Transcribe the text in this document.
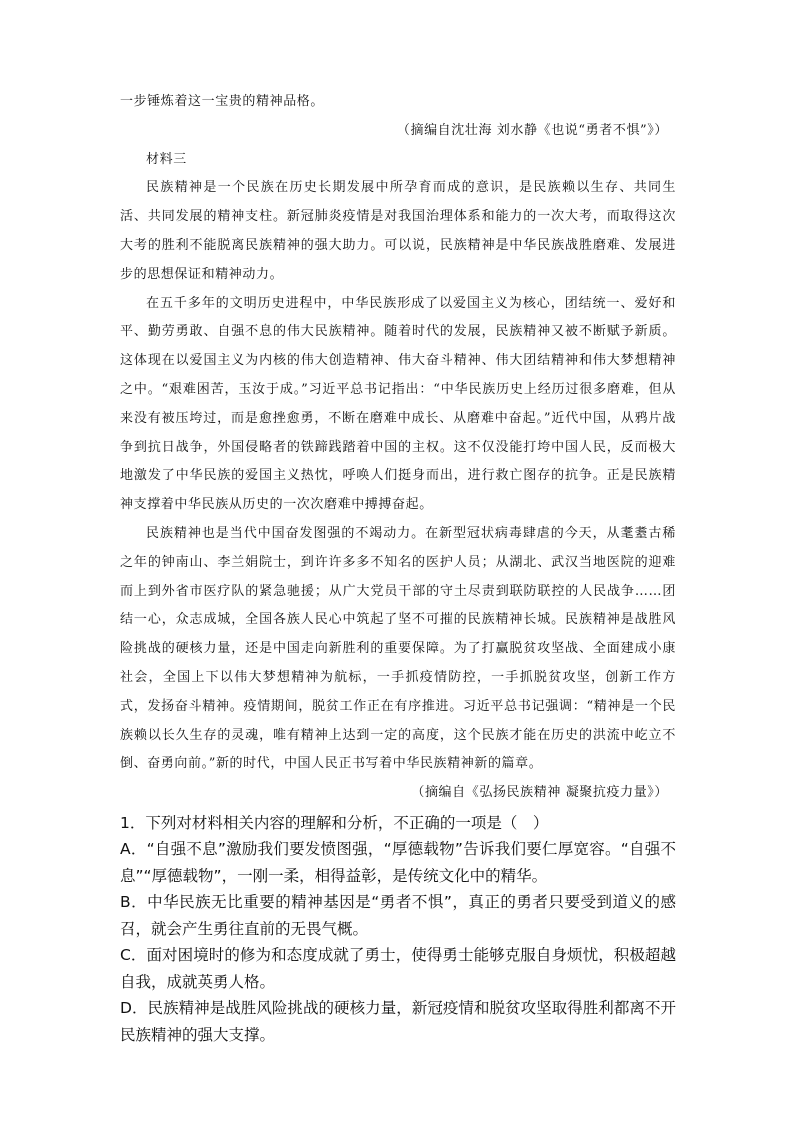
一步锤炼着这一宝贵的精神品格。

（摘编自沈壮海 刘水静《也说“勇者不惧”》）

材料三

民族精神是一个民族在历史长期发展中所孕育而成的意识，是民族赖以生存、共同生活、共同发展的精神支柱。新冠肺炎疫情是对我国治理体系和能力的一次大考，而取得这次大考的胜利不能脱离民族精神的强大助力。可以说，民族精神是中华民族战胜磨难、发展进步的思想保证和精神动力。

在五千多年的文明历史进程中，中华民族形成了以爱国主义为核心，团结统一、爱好和平、勤劳勇敢、自强不息的伟大民族精神。随着时代的发展，民族精神又被不断赋予新质。这体现在以爱国主义为内核的伟大创造精神、伟大奋斗精神、伟大团结精神和伟大梦想精神之中。“艰难困苦，玉汝于成。”习近平总书记指出：“中华民族历史上经历过很多磨难，但从来没有被压垮过，而是愈挫愈勇，不断在磨难中成长、从磨难中奋起。”近代中国，从鸦片战争到抗日战争，外国侵略者的铁蹄践踏着中国的主权。这不仅没能打垮中国人民，反而极大地激发了中华民族的爱国主义热忱，呼唤人们挺身而出，进行救亡图存的抗争。正是民族精神支撑着中华民族从历史的一次次磨难中搏搏奋起。

民族精神也是当代中国奋发图强的不竭动力。在新型冠状病毒肆虐的今天，从耄耋古稀之年的钟南山、李兰娟院士，到许许多多不知名的医护人员；从湖北、武汉当地医院的迎难而上到外省市医疗队的紧急驰援；从广大党员干部的守土尽责到联防联控的人民战争……团结一心，众志成城，全国各族人民心中筑起了坚不可摧的民族精神长城。民族精神是战胜风险挑战的硬核力量，还是中国走向新胜利的重要保障。为了打赢脱贫攻坚战、全面建成小康社会，全国上下以伟大梦想精神为航标，一手抓疫情防控，一手抓脱贫攻坚，创新工作方式，发扬奋斗精神。疫情期间，脱贫工作正在有序推进。习近平总书记强调：“精神是一个民族赖以长久生存的灵魂，唯有精神上达到一定的高度，这个民族才能在历史的洪流中屹立不倒、奋勇向前。”新的时代，中国人民正书写着中华民族精神新的篇章。

（摘编自《弘扬民族精神 凝聚抗疫力量》）

1．下列对材料相关内容的理解和分析，不正确的一项是（　）

A．“自强不息”激励我们要发愤图强，“厚德载物”告诉我们要仁厚宽容。“自强不息”“厚德载物”，一刚一柔，相得益彰，是传统文化中的精华。

B．中华民族无比重要的精神基因是“勇者不惧”，真正的勇者只要受到道义的感召，就会产生勇往直前的无畏气概。

C．面对困境时的修为和态度成就了勇士，使得勇士能够克服自身烦忧，积极超越自我，成就英勇人格。

D．民族精神是战胜风险挑战的硬核力量，新冠疫情和脱贫攻坚取得胜利都离不开民族精神的强大支撑。
